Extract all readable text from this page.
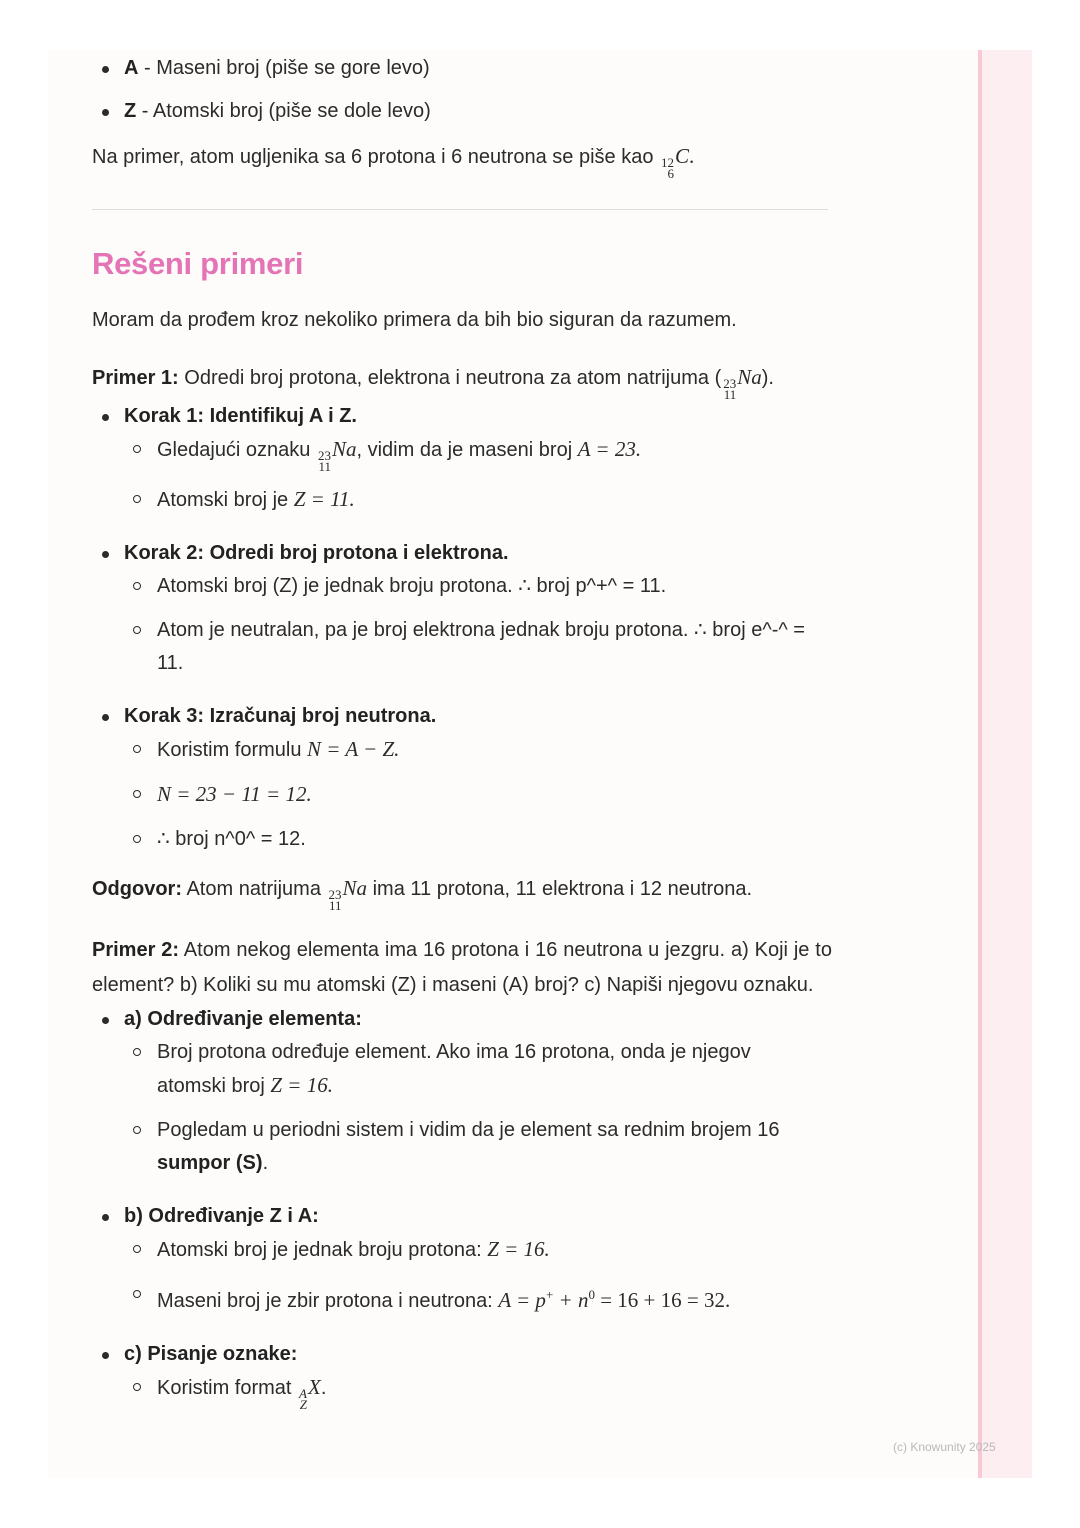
A - Maseni broj (piše se gore levo)
Z - Atomski broj (piše se dole levo)

Na primer, atom ugljenika sa 6 protona i 6 neutrona se piše kao 12
6
C.

Rešeni primeri

Moram da prođem kroz nekoliko primera da bih bio siguran da razumem.

Primer 1: Odredi broj protona, elektrona i neutrona za atom natrijuma ( 23
11
Na).

Korak 1: Identifikuj A i Z.
Gledajući oznaku 23
11
Na, vidim da je maseni broj A = 23.
Atomski broj je Z = 11.
Korak 2: Odredi broj protona i elektrona.
Atomski broj (Z) je jednak broju protona. ∴ broj p^+^ = 11.
Atom je neutralan, pa je broj elektrona jednak broju protona. ∴ broj e^-^ = 11.
Korak 3: Izračunaj broj neutrona.
Koristim formulu N = A − Z.
N = 23 − 11 = 12.
∴ broj n^0^ = 12.

Odgovor: Atom natrijuma 23
11
Na ima 11 protona, 11 elektrona i 12 neutrona.

Primer 2: Atom nekog elementa ima 16 protona i 16 neutrona u jezgru. a) Koji je to element? b) Koliki su mu atomski (Z) i maseni (A) broj? c) Napiši njegovu oznaku.

a) Određivanje elementa:
Broj protona određuje element. Ako ima 16 protona, onda je njegov atomski broj Z = 16.
Pogledam u periodni sistem i vidim da je element sa rednim brojem 16 sumpor (S).
b) Određivanje Z i A:
Atomski broj je jednak broju protona: Z = 16.
Maseni broj je zbir protona i neutrona: $A = p^+ + n^0 = 16 + 16 = 32$.
c) Pisanje oznake:
Koristim format A
Z
X.
(c) Knowunity 2025
